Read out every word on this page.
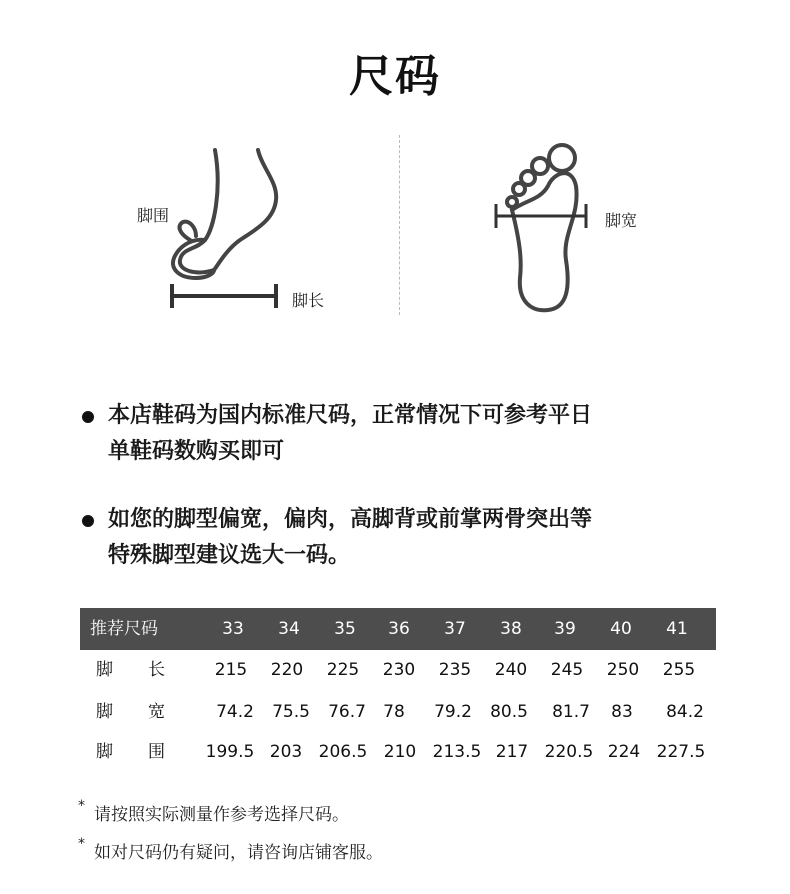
尺码
脚围
脚长
脚宽
本店鞋码为国内标准尺码，正常情况下可参考平日
单鞋码数购买即可
如您的脚型偏宽，偏肉，高脚背或前掌两骨突出等
特殊脚型建议选大一码。
推荐尺码	33	34	35	36	37	38	39	40	41
脚 长	215	220	225	230	235	240	245	250	255
脚 宽	74.2	75.5	76.7	78	79.2	80.5	81.7	83	84.2
脚 围	199.5 203 206.5 210 213.5 217 220.5 224 227.5
* 请按照实际测量作参考选择尺码。
* 如对尺码仍有疑问，请咨询店铺客服。
